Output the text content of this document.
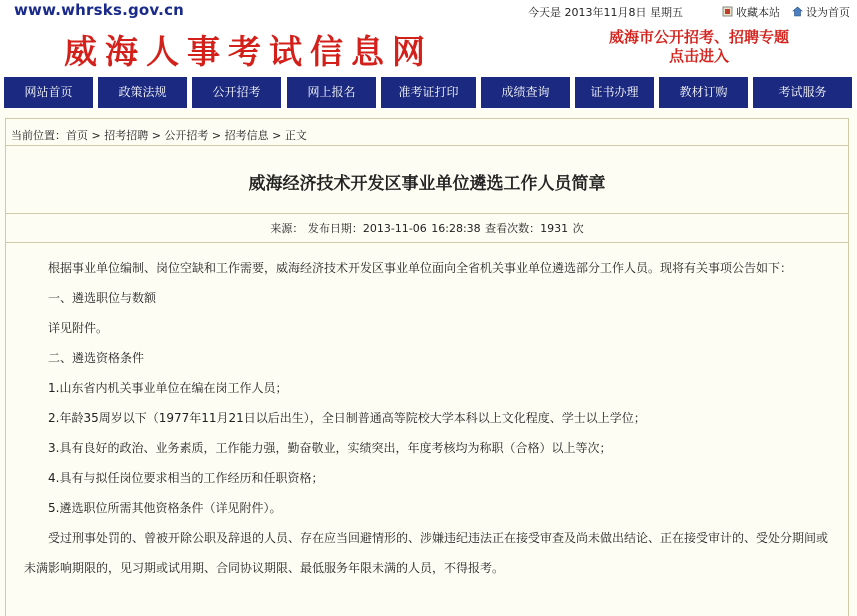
www.whrsks.gov.cn	今天是 2013年11月8日 星期五	收藏本站	设为首页
威海人事考试信息网	威海市公开招考、招聘专题
点击进入
网站首页	政策法规	公开招考	网上报名	准考证打印	成绩查询	证书办理	教材订购	考试服务
当前位置：首页 > 招考招聘 > 公开招考 > 招考信息 > 正文
威海经济技术开发区事业单位遴选工作人员简章
来源： 发布日期：2013-11-06 16:28:38 查看次数：1931 次

根据事业单位编制、岗位空缺和工作需要，威海经济技术开发区事业单位面向全省机关事业单位遴选部分工作人员。现将有关事项公告如下：

一、遴选职位与数额

详见附件。

二、遴选资格条件

1.山东省内机关事业单位在编在岗工作人员；

2.年龄35周岁以下（1977年11月21日以后出生），全日制普通高等院校大学本科以上文化程度、学士以上学位；

3.具有良好的政治、业务素质，工作能力强，勤奋敬业，实绩突出，年度考核均为称职（合格）以上等次；

4.具有与拟任岗位要求相当的工作经历和任职资格；

5.遴选职位所需其他资格条件（详见附件）。

受过刑事处罚的、曾被开除公职及辞退的人员、存在应当回避情形的、涉嫌违纪违法正在接受审查及尚未做出结论、正在接受审计的、受处分期间或未满影响期限的，见习期或试用期、合同协议期限、最低服务年限未满的人员，不得报考。
